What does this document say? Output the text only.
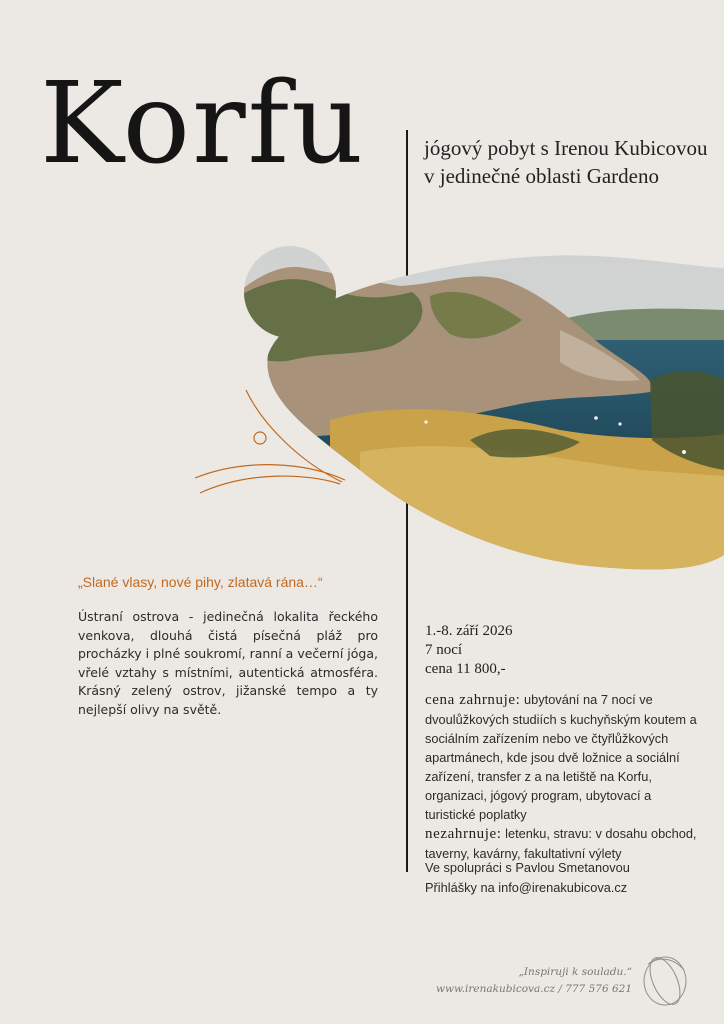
Korfu	jógový pobyt s Irenou Kubicovou v jedinečné oblasti Gardeno

„Slané vlasy, nové pihy, zlatavá rána…“

Ústraní ostrova - jedinečná lokalita řeckého venkova, dlouhá čistá písečná pláž pro procházky i plné soukromí, ranní a večerní jóga, vřelé vztahy s místními, autentická atmosféra. Krásný zelený ostrov, jižanské tempo a ty nejlepší olivy na světě.

1.-8. září 2026
7 nocí
cena 11 800,-
cena zahrnuje: ubytování na 7 nocí ve dvoulůžkových studiích s kuchyňským koutem a sociálním zařízením nebo ve čtyřlůžkových apartmánech, kde jsou dvě ložnice a sociální zařízení, transfer z a na letiště na Korfu, organizaci, jógový program, ubytovací a turistické poplatky
nezahrnuje: letenku, stravu: v dosahu obchod, taverny, kavárny, fakultativní výlety
Ve spolupráci s Pavlou Smetanovou
Přihlášky na info@irenakubicova.cz
„Inspiruji k souladu.“
www.irenakubicova.cz / 777 576 621
